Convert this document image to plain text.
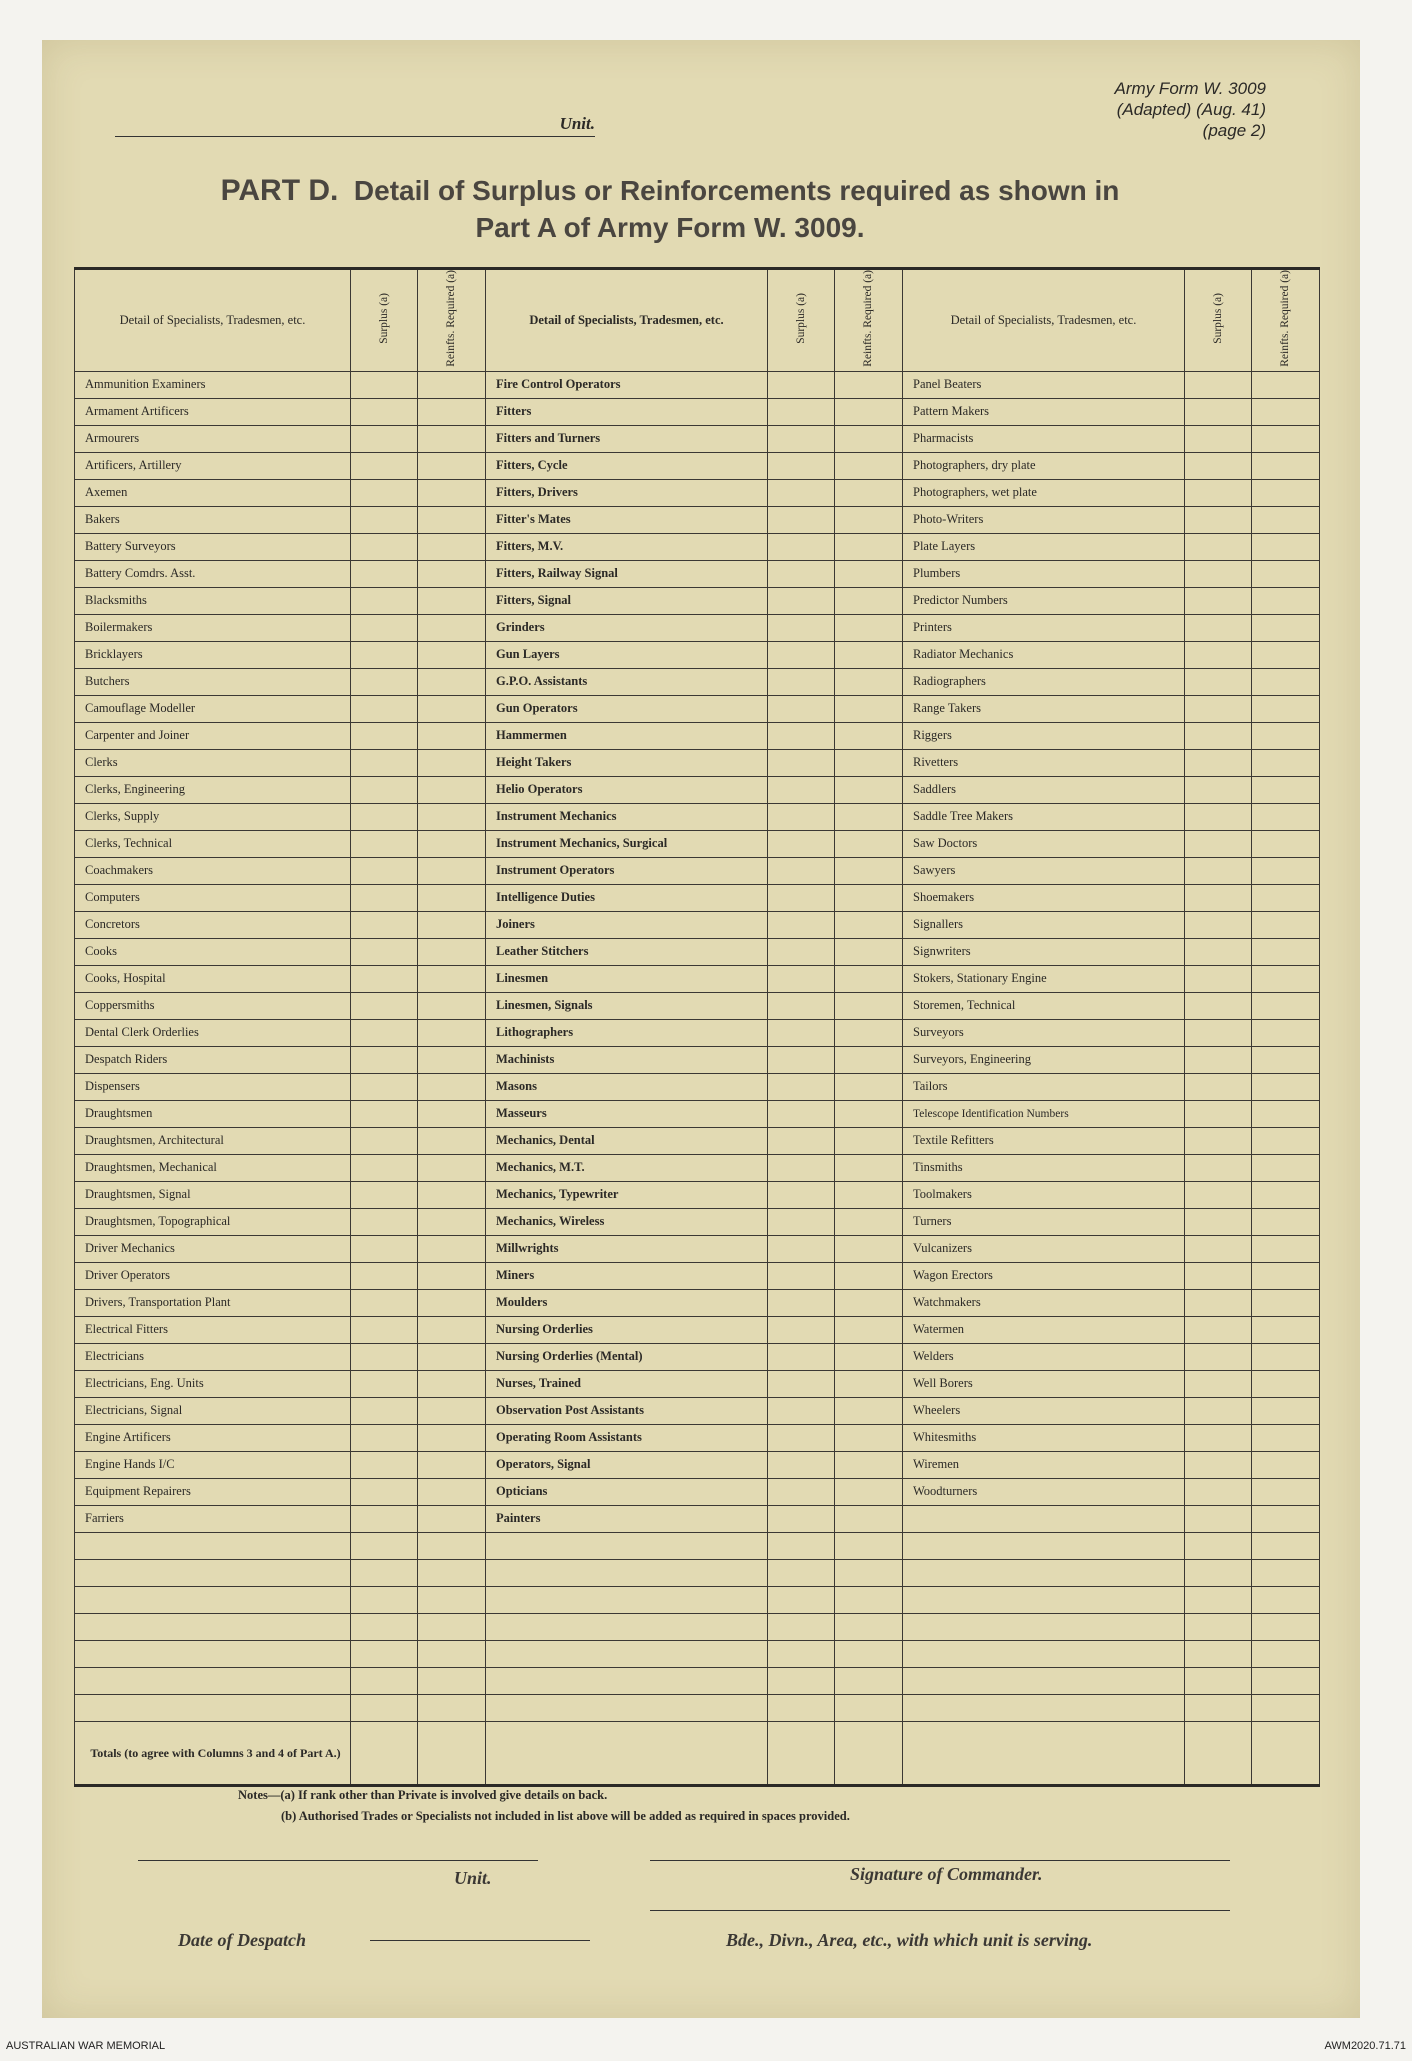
Unit.
Army Form W. 3009
(Adapted) (Aug. 41)
(page 2)
PART D. Detail of Surplus or Reinforcements required as shown in
Part A of Army Form W. 3009.
Detail of Specialists, Tradesmen, etc.	Surplus (a)	Reinfts. Required (a)	Detail of Specialists, Tradesmen, etc.	Surplus (a)	Reinfts. Required (a)	Detail of Specialists, Tradesmen, etc.	Surplus (a)	Reinfts. Required (a)
Ammunition Examiners			Fire Control Operators			Panel Beaters		
Armament Artificers			Fitters			Pattern Makers		
Armourers			Fitters and Turners			Pharmacists		
Artificers, Artillery			Fitters, Cycle			Photographers, dry plate		
Axemen			Fitters, Drivers			Photographers, wet plate		
Bakers			Fitter's Mates			Photo-Writers		
Battery Surveyors			Fitters, M.V.			Plate Layers		
Battery Comdrs. Asst.			Fitters, Railway Signal			Plumbers		
Blacksmiths			Fitters, Signal			Predictor Numbers		
Boilermakers			Grinders			Printers		
Bricklayers			Gun Layers			Radiator Mechanics		
Butchers			G.P.O. Assistants			Radiographers		
Camouflage Modeller			Gun Operators			Range Takers		
Carpenter and Joiner			Hammermen			Riggers		
Clerks			Height Takers			Rivetters		
Clerks, Engineering			Helio Operators			Saddlers		
Clerks, Supply			Instrument Mechanics			Saddle Tree Makers		
Clerks, Technical			Instrument Mechanics, Surgical			Saw Doctors		
Coachmakers			Instrument Operators			Sawyers		
Computers			Intelligence Duties			Shoemakers		
Concretors			Joiners			Signallers		
Cooks			Leather Stitchers			Signwriters		
Cooks, Hospital			Linesmen			Stokers, Stationary Engine		
Coppersmiths			Linesmen, Signals			Storemen, Technical		
Dental Clerk Orderlies			Lithographers			Surveyors		
Despatch Riders			Machinists			Surveyors, Engineering		
Dispensers			Masons			Tailors		
Draughtsmen			Masseurs			Telescope Identification Numbers		
Draughtsmen, Architectural			Mechanics, Dental			Textile Refitters		
Draughtsmen, Mechanical			Mechanics, M.T.			Tinsmiths		
Draughtsmen, Signal			Mechanics, Typewriter			Toolmakers		
Draughtsmen, Topographical			Mechanics, Wireless			Turners		
Driver Mechanics			Millwrights			Vulcanizers		
Driver Operators			Miners			Wagon Erectors		
Drivers, Transportation Plant			Moulders			Watchmakers		
Electrical Fitters			Nursing Orderlies			Watermen		
Electricians			Nursing Orderlies (Mental)			Welders		
Electricians, Eng. Units			Nurses, Trained			Well Borers		
Electricians, Signal			Observation Post Assistants			Wheelers		
Engine Artificers			Operating Room Assistants			Whitesmiths		
Engine Hands I/C			Operators, Signal			Wiremen		
Equipment Repairers			Opticians			Woodturners		
Farriers			Painters					

Totals (to agree with Columns 3 and 4 of Part A.)								
Notes—(a) If rank other than Private is involved give details on back.
(b) Authorised Trades or Specialists not included in list above will be added as required in spaces provided.
Unit.	Signature of Commander.
Date of Despatch	Bde., Divn., Area, etc., with which unit is serving.
AUSTRALIAN WAR MEMORIAL	AWM2020.71.71
